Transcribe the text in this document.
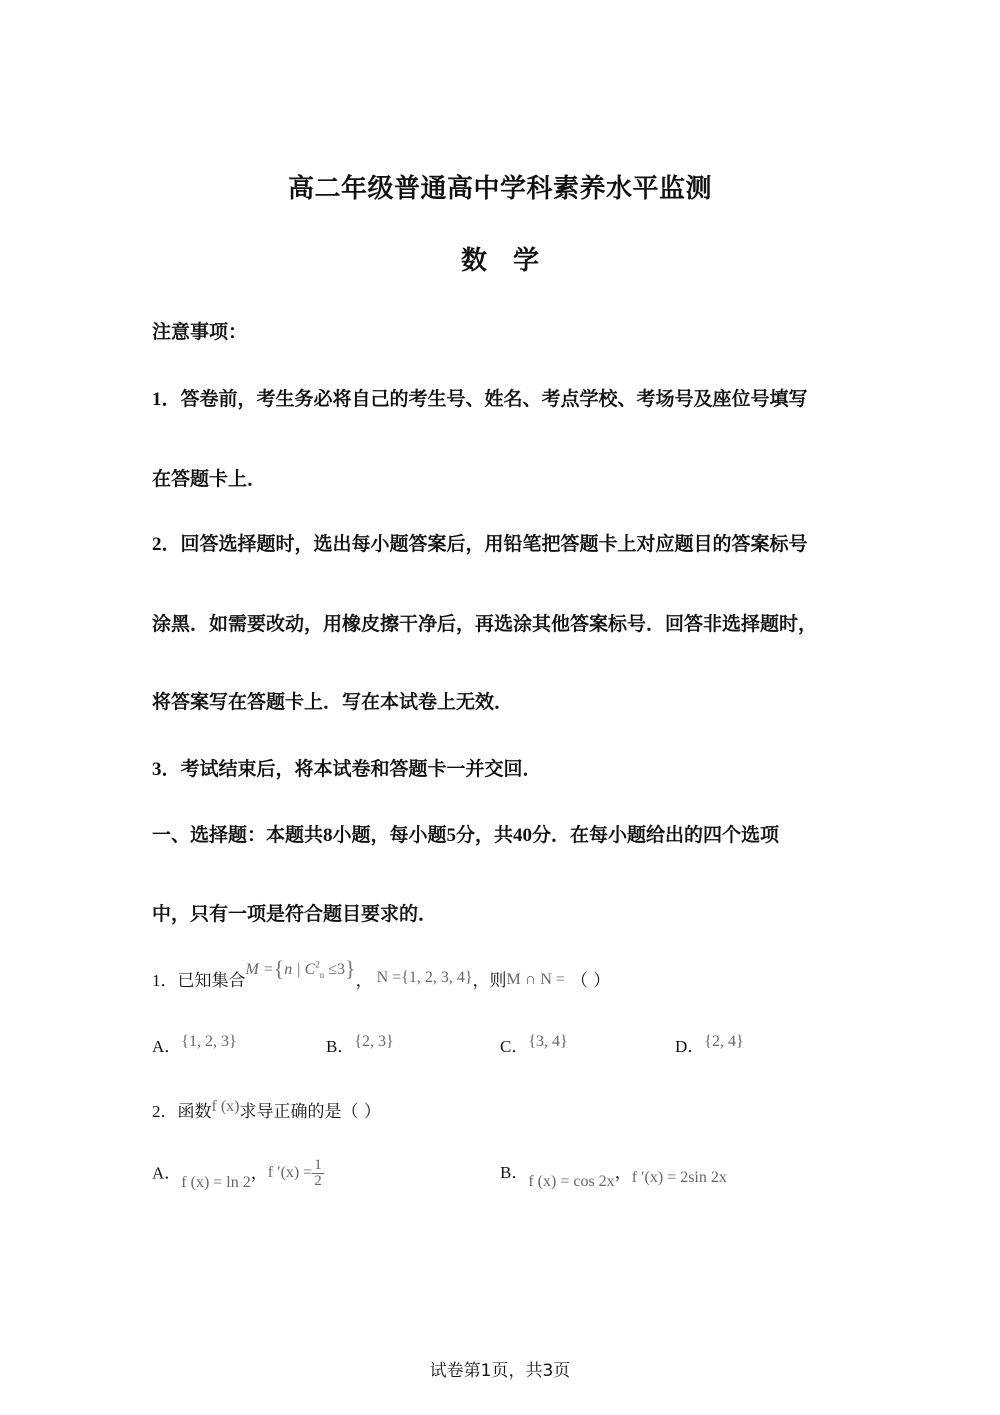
高二年级普通高中学科素养水平监测
数学
注意事项：
1．答卷前，考生务必将自己的考生号、姓名、考点学校、考场号及座位号填写
在答题卡上．
2．回答选择题时，选出每小题答案后，用铅笔把答题卡上对应题目的答案标号
涂黑．如需要改动，用橡皮擦干净后，再选涂其他答案标号．回答非选择题时，
将答案写在答题卡上．写在本试卷上无效．
3．考试结束后，将本试卷和答题卡一并交回．
一、选择题：本题共8小题，每小题5分，共40分．在每小题给出的四个选项
中，只有一项是符合题目要求的．
1．已知集合M ={n | $C^2_n \le 3$}， N ={1, 2, 3, 4}，则M ∩ N = （ ）
A．{1, 2, 3}	B．{2, 3}	C．{3, 4}	D．{2, 4}
2．函数f (x)求导正确的是（ ）
A．f (x) = ln 2，f $'(x) = \frac{1}{2}$	B．f (x) = cos 2x，f ′(x) = 2sin 2x
试卷第1页，共3页
